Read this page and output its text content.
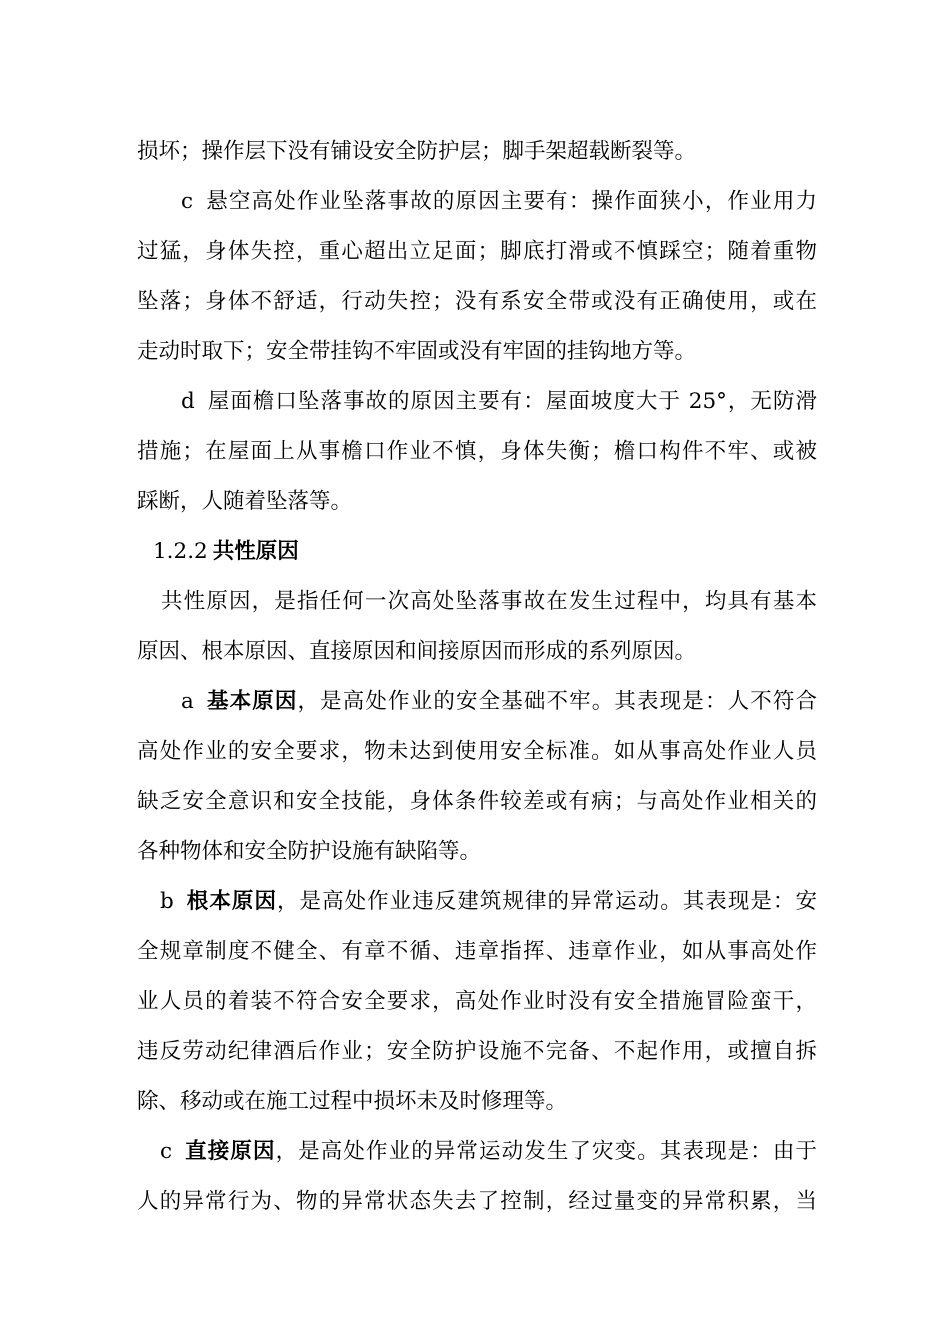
损坏；操作层下没有铺设安全防护层；脚手架超载断裂等。
c 悬空高处作业坠落事故的原因主要有：操作面狭小，作业用力
过猛，身体失控，重心超出立足面；脚底打滑或不慎踩空；随着重物
坠落；身体不舒适，行动失控；没有系安全带或没有正确使用，或在
走动时取下；安全带挂钩不牢固或没有牢固的挂钩地方等。
d 屋面檐口坠落事故的原因主要有：屋面坡度大于 25°，无防滑
措施；在屋面上从事檐口作业不慎，身体失衡；檐口构件不牢、或被
踩断，人随着坠落等。
1.2.2 共性原因
共性原因，是指任何一次高处坠落事故在发生过程中，均具有基本
原因、根本原因、直接原因和间接原因而形成的系列原因。
a 基本原因，是高处作业的安全基础不牢。其表现是：人不符合
高处作业的安全要求，物未达到使用安全标准。如从事高处作业人员
缺乏安全意识和安全技能，身体条件较差或有病；与高处作业相关的
各种物体和安全防护设施有缺陷等。
b 根本原因，是高处作业违反建筑规律的异常运动。其表现是：安
全规章制度不健全、有章不循、违章指挥、违章作业，如从事高处作
业人员的着装不符合安全要求，高处作业时没有安全措施冒险蛮干，
违反劳动纪律酒后作业；安全防护设施不完备、不起作用，或擅自拆
除、移动或在施工过程中损坏未及时修理等。
c 直接原因，是高处作业的异常运动发生了灾变。其表现是：由于
人的异常行为、物的异常状态失去了控制，经过量变的异常积累，当
